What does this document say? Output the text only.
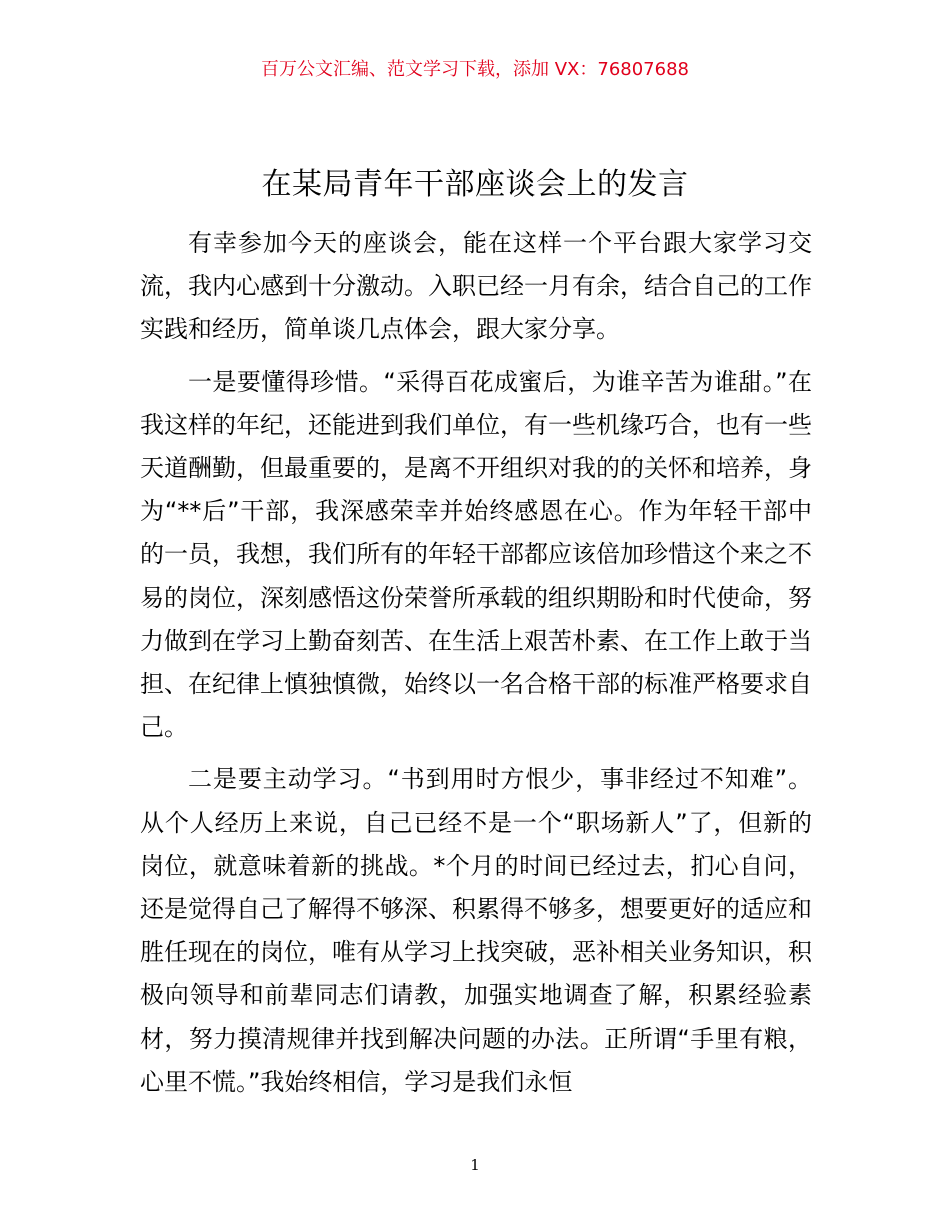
百万公文汇编、范文学习下载，添加 VX：76807688
在某局青年干部座谈会上的发言

有幸参加今天的座谈会，能在这样一个平台跟大家学习交流，我内心感到十分激动。入职已经一月有余，结合自己的工作实践和经历，简单谈几点体会，跟大家分享。

一是要懂得珍惜。“采得百花成蜜后，为谁辛苦为谁甜。”在我这样的年纪，还能进到我们单位，有一些机缘巧合，也有一些天道酬勤，但最重要的，是离不开组织对我的的关怀和培养，身为“**后”干部，我深感荣幸并始终感恩在心。作为年轻干部中的一员，我想，我们所有的年轻干部都应该倍加珍惜这个来之不易的岗位，深刻感悟这份荣誉所承载的组织期盼和时代使命，努力做到在学习上勤奋刻苦、在生活上艰苦朴素、在工作上敢于当担、在纪律上慎独慎微，始终以一名合格干部的标准严格要求自己。

二是要主动学习。“书到用时方恨少，事非经过不知难”。从个人经历上来说，自己已经不是一个“职场新人”了，但新的岗位，就意味着新的挑战。*个月的时间已经过去，扪心自问，还是觉得自己了解得不够深、积累得不够多，想要更好的适应和胜任现在的岗位，唯有从学习上找突破，恶补相关业务知识，积极向领导和前辈同志们请教，加强实地调查了解，积累经验素材，努力摸清规律并找到解决问题的办法。正所谓“手里有粮，心里不慌。”我始终相信，学习是我们永恒

1
